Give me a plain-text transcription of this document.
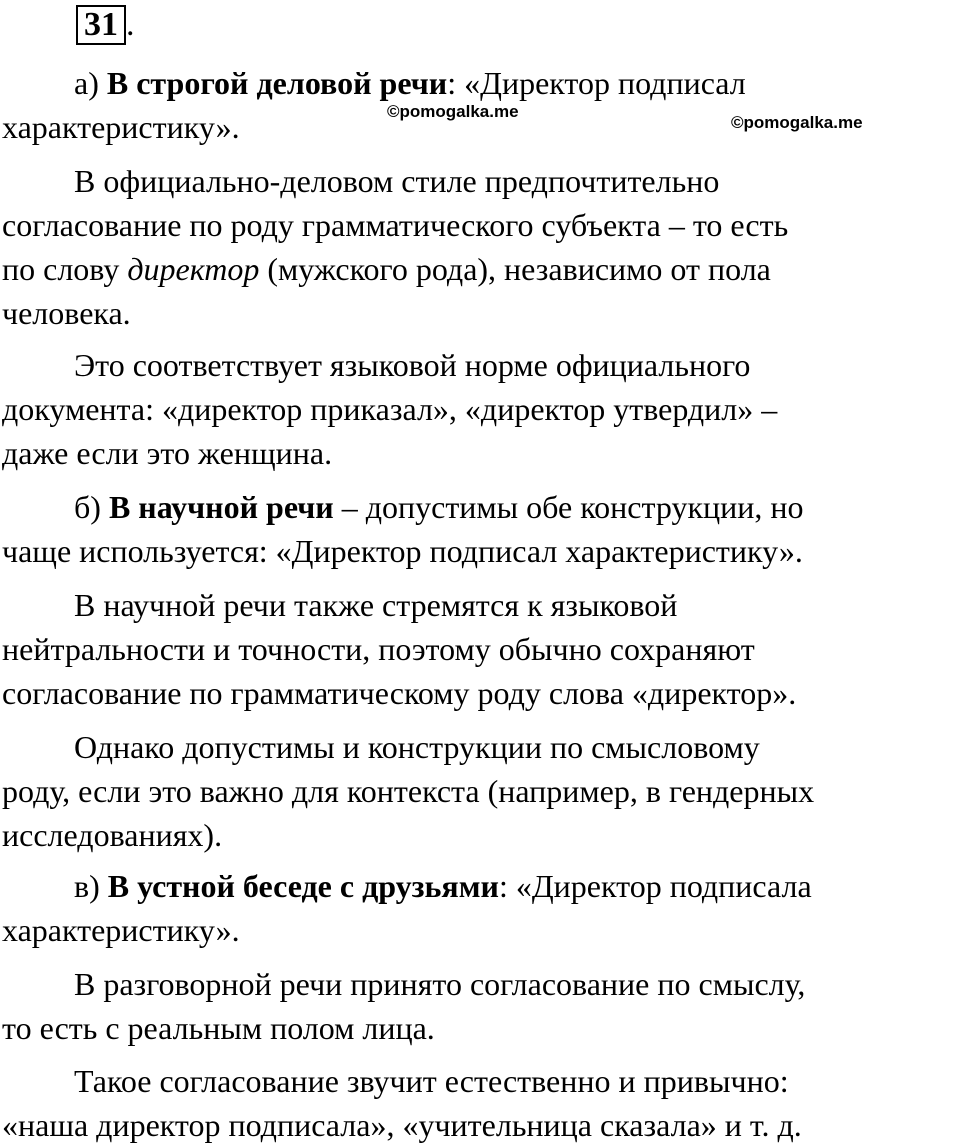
31 .
©pomogalka.me
©pomogalka.me
а) В строгой деловой речи: «Директор подписал
характеристику».
В официально-деловом стиле предпочтительно
согласование по роду грамматического субъекта – то есть
по слову директор (мужского рода), независимо от пола
человека.
Это соответствует языковой норме официального
документа: «директор приказал», «директор утвердил» –
даже если это женщина.
б) В научной речи – допустимы обе конструкции, но
чаще используется: «Директор подписал характеристику».
В научной речи также стремятся к языковой
нейтральности и точности, поэтому обычно сохраняют
согласование по грамматическому роду слова «директор».
Однако допустимы и конструкции по смысловому
роду, если это важно для контекста (например, в гендерных
исследованиях).
в) В устной беседе с друзьями: «Директор подписала
характеристику».
В разговорной речи принято согласование по смыслу,
то есть с реальным полом лица.
Такое согласование звучит естественно и привычно:
«наша директор подписала», «учительница сказала» и т. д.
